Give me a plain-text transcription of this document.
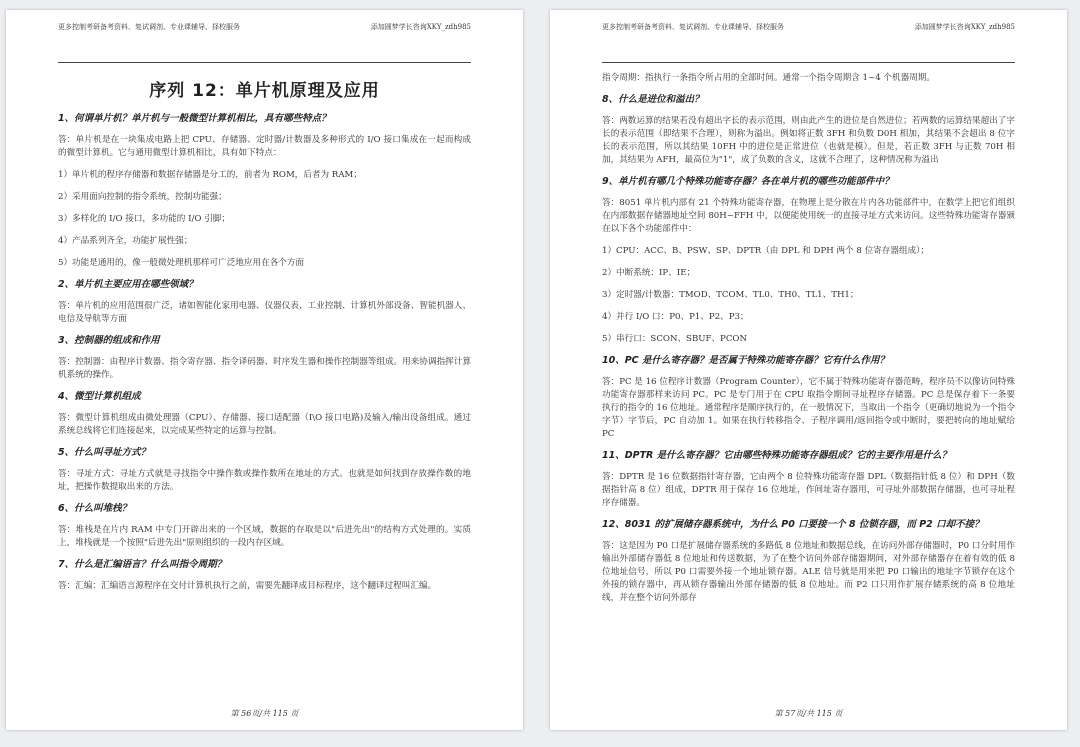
更多控制考研备考资料、复试调剂、专业课辅导、择校服务	添加圆梦学长咨询XKY_zdh985
序列 12：单片机原理及应用
1、何谓单片机？单片机与一般微型计算机相比，具有哪些特点？
答：单片机是在一块集成电路上把 CPU、存储器、定时器/计数器及多种形式的 I/O 接口集成在一起而构成的微型计算机。它与通用微型计算机相比，具有如下特点：
1）单片机的程序存储器和数据存储器是分工的，前者为 ROM，后者为 RAM；
2）采用面向控制的指令系统，控制功能强；
3）多样化的 I/O 接口，多功能的 I/O 引脚；
4）产品系列齐全，功能扩展性强；
5）功能是通用的，像一般微处理机那样可广泛地应用在各个方面
2、单片机主要应用在哪些领域？
答：单片机的应用范围很广泛，诸如智能化家用电器、仪器仪表、工业控制、计算机外部设备、智能机器人、电信及导航等方面
3、控制器的组成和作用
答：控制器：由程序计数器、指令寄存器、指令译码器、时序发生器和操作控制器等组成。用来协调指挥计算机系统的操作。
4、微型计算机组成
答：微型计算机组成由微处理器（CPU）、存储器、接口适配器（I\O 接口电路)及输入/输出设备组成。通过系统总线将它们连接起来，以完成某些特定的运算与控制。
5、什么叫寻址方式？
答：寻址方式：寻址方式就是寻找指令中操作数或操作数所在地址的方式。也就是如何找到存放操作数的地址，把操作数提取出来的方法。
6、什么叫堆栈？
答：堆栈是在片内 RAM 中专门开辟出来的一个区域，数据的存取是以"后进先出"的结构方式处理的。实质上，堆栈就是一个按照"后进先出"原则组织的一段内存区域。
7、什么是汇编语言？什么叫指令周期？
答：汇编：汇编语言源程序在交付计算机执行之前，需要先翻译成目标程序，这个翻译过程叫汇编。
第 56页/共 115 页
更多控制考研备考资料、复试调剂、专业课辅导、择校服务	添加圆梦学长咨询XKY_zdh985
指令周期：指执行一条指令所占用的全部时间。通常一个指令周期含 1~4 个机器周期。
8、什么是进位和溢出？
答：两数运算的结果若没有超出字长的表示范围，则由此产生的进位是自然进位；若两数的运算结果超出了字长的表示范围（即结果不合理），则称为溢出。例如将正数 3FH 和负数 D0H 相加，其结果不会超出 8 位字长的表示范围，所以其结果 10FH 中的进位是正常进位（也就是模）。但是，若正数 3FH 与正数 70H 相加，其结果为 AFH，最高位为"1"，成了负数的含义，这就不合理了，这种情况称为溢出
9、单片机有哪几个特殊功能寄存器？各在单片机的哪些功能部件中？
答：8051 单片机内部有 21 个特殊功能寄存器，在物理上是分散在片内各功能部件中，在数学上把它们组织在内部数据存储器地址空间 80H~FFH 中，以便能使用统一的直接寻址方式来访问。这些特殊功能寄存器颁在以下各个功能部件中：
1）CPU：ACC、B、PSW、SP、DPTR（由 DPL 和 DPH 两个 8 位寄存器组成）；
2）中断系统：IP、IE；
3）定时器/计数器：TMOD、TCOM、TL0、TH0、TL1、TH1；
4）并行 I/O 口：P0、P1、P2、P3；
5）串行口：SCON、SBUF、PCON
10、PC 是什么寄存器？是否属于特殊功能寄存器？它有什么作用？
答：PC 是 16 位程序计数器（Program Counter），它不属于特殊功能寄存器范畴，程序员不以像访问特殊功能寄存器那样来访问 PC。PC 是专门用于在 CPU 取指令期间寻址程序存储器。PC 总是保存着下一条要执行的指令的 16 位地址。通常程序是顺序执行的，在一般情况下，当取出一个指令（更确切地说为一个指令字节）字节后，PC 自动加 1。如果在执行转移指令、子程序调用/返回指令或中断时，要把转向的地址赋给 PC
11、DPTR 是什么寄存器？它由哪些特殊功能寄存器组成？它的主要作用是什么？
答：DPTR 是 16 位数据指针寄存器，它由两个 8 位特殊功能寄存器 DPL（数据指针低 8 位）和 DPH（数据指针高 8 位）组成，DPTR 用于保存 16 位地址，作间址寄存器用，可寻址外部数据存储器，也可寻址程序存储器。
12、8031 的扩展储存器系统中，为什么 P0 口要接一个 8 位锁存器，而 P2 口却不接？
答：这是因为 P0 口是扩展储存器系统的多路低 8 位地址和数据总线，在访问外部存储器时，P0 口分时用作输出外部储存器低 8 位地址和传送数据，为了在整个访问外部存储器期间，对外部存储器存在着有效的低 8 位地址信号，所以 P0 口需要外接一个地址锁存器。ALE 信号就是用来把 P0 口输出的地址字节锁存在这个外接的锁存器中，再从锁存器输出外部存储器的低 8 位地址。而 P2 口只用作扩展存储系统的高 8 位地址线，并在整个访问外部存
第 57页/共 115 页
